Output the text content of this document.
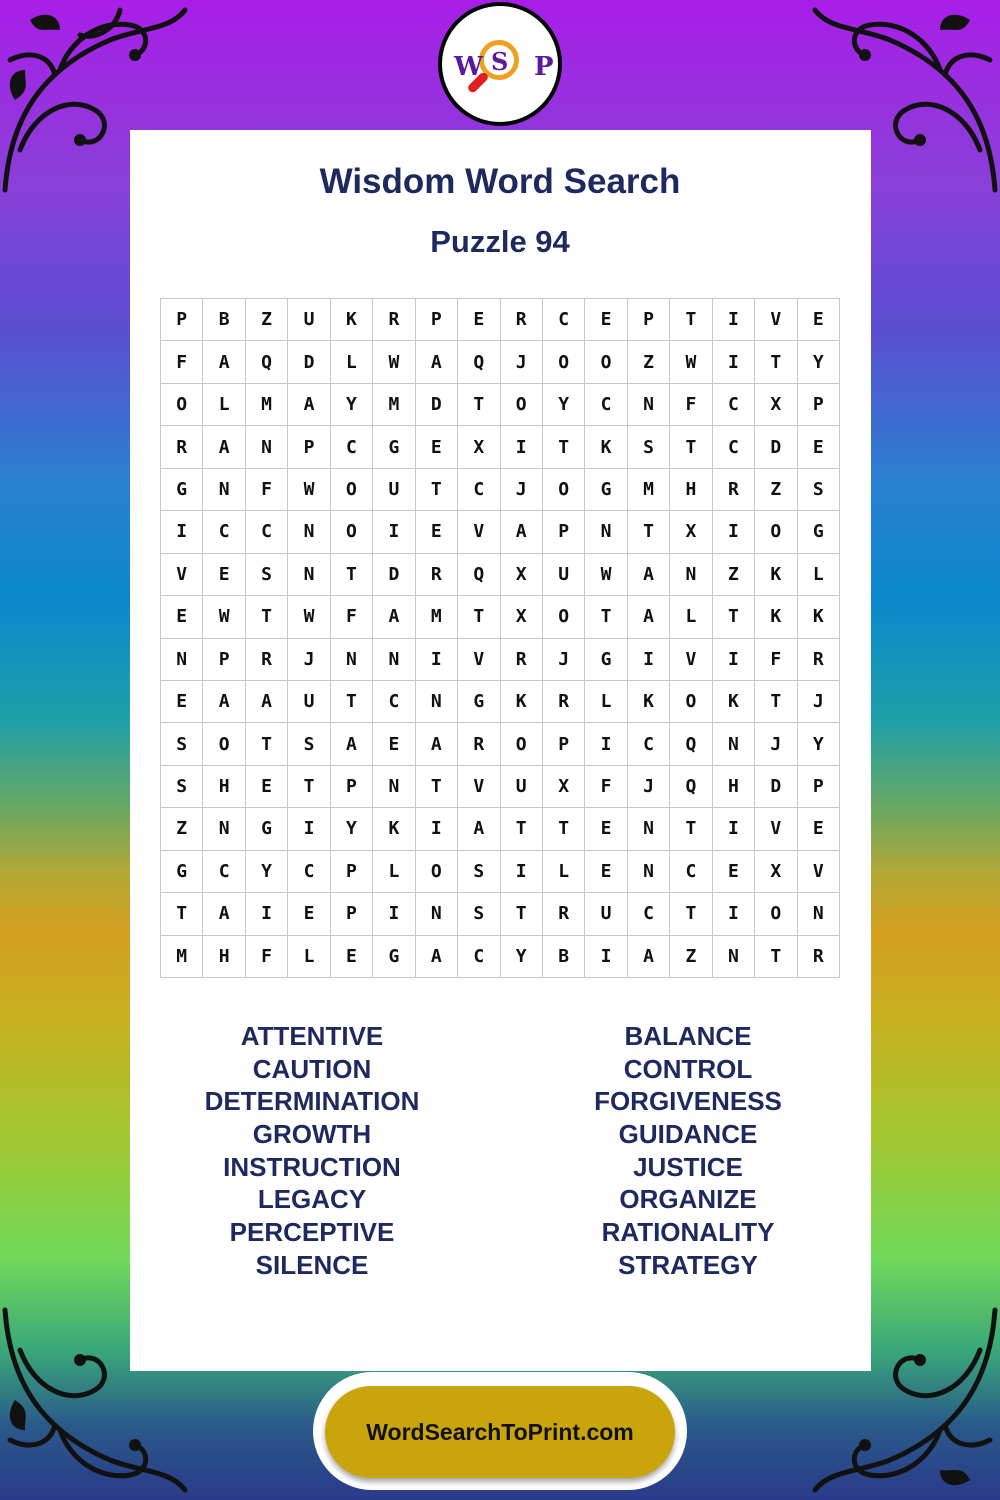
W S P
Wisdom Word Search
Puzzle 94
P	B	Z	U	K	R	P	E	R	C	E	P	T	I	V	E
F	A	Q	D	L	W	A	Q	J	O	O	Z	W	I	T	Y
O	L	M	A	Y	M	D	T	O	Y	C	N	F	C	X	P
R	A	N	P	C	G	E	X	I	T	K	S	T	C	D	E
G	N	F	W	O	U	T	C	J	O	G	M	H	R	Z	S
I	C	C	N	O	I	E	V	A	P	N	T	X	I	O	G
V	E	S	N	T	D	R	Q	X	U	W	A	N	Z	K	L
E	W	T	W	F	A	M	T	X	O	T	A	L	T	K	K
N	P	R	J	N	N	I	V	R	J	G	I	V	I	F	R
E	A	A	U	T	C	N	G	K	R	L	K	O	K	T	J
S	O	T	S	A	E	A	R	O	P	I	C	Q	N	J	Y
S	H	E	T	P	N	T	V	U	X	F	J	Q	H	D	P
Z	N	G	I	Y	K	I	A	T	T	E	N	T	I	V	E
G	C	Y	C	P	L	O	S	I	L	E	N	C	E	X	V
T	A	I	E	P	I	N	S	T	R	U	C	T	I	O	N
M	H	F	L	E	G	A	C	Y	B	I	A	Z	N	T	R
ATTENTIVE
CAUTION
DETERMINATION
GROWTH
INSTRUCTION
LEGACY
PERCEPTIVE
SILENCE
BALANCE
CONTROL
FORGIVENESS
GUIDANCE
JUSTICE
ORGANIZE
RATIONALITY
STRATEGY
WordSearchToPrint.com
